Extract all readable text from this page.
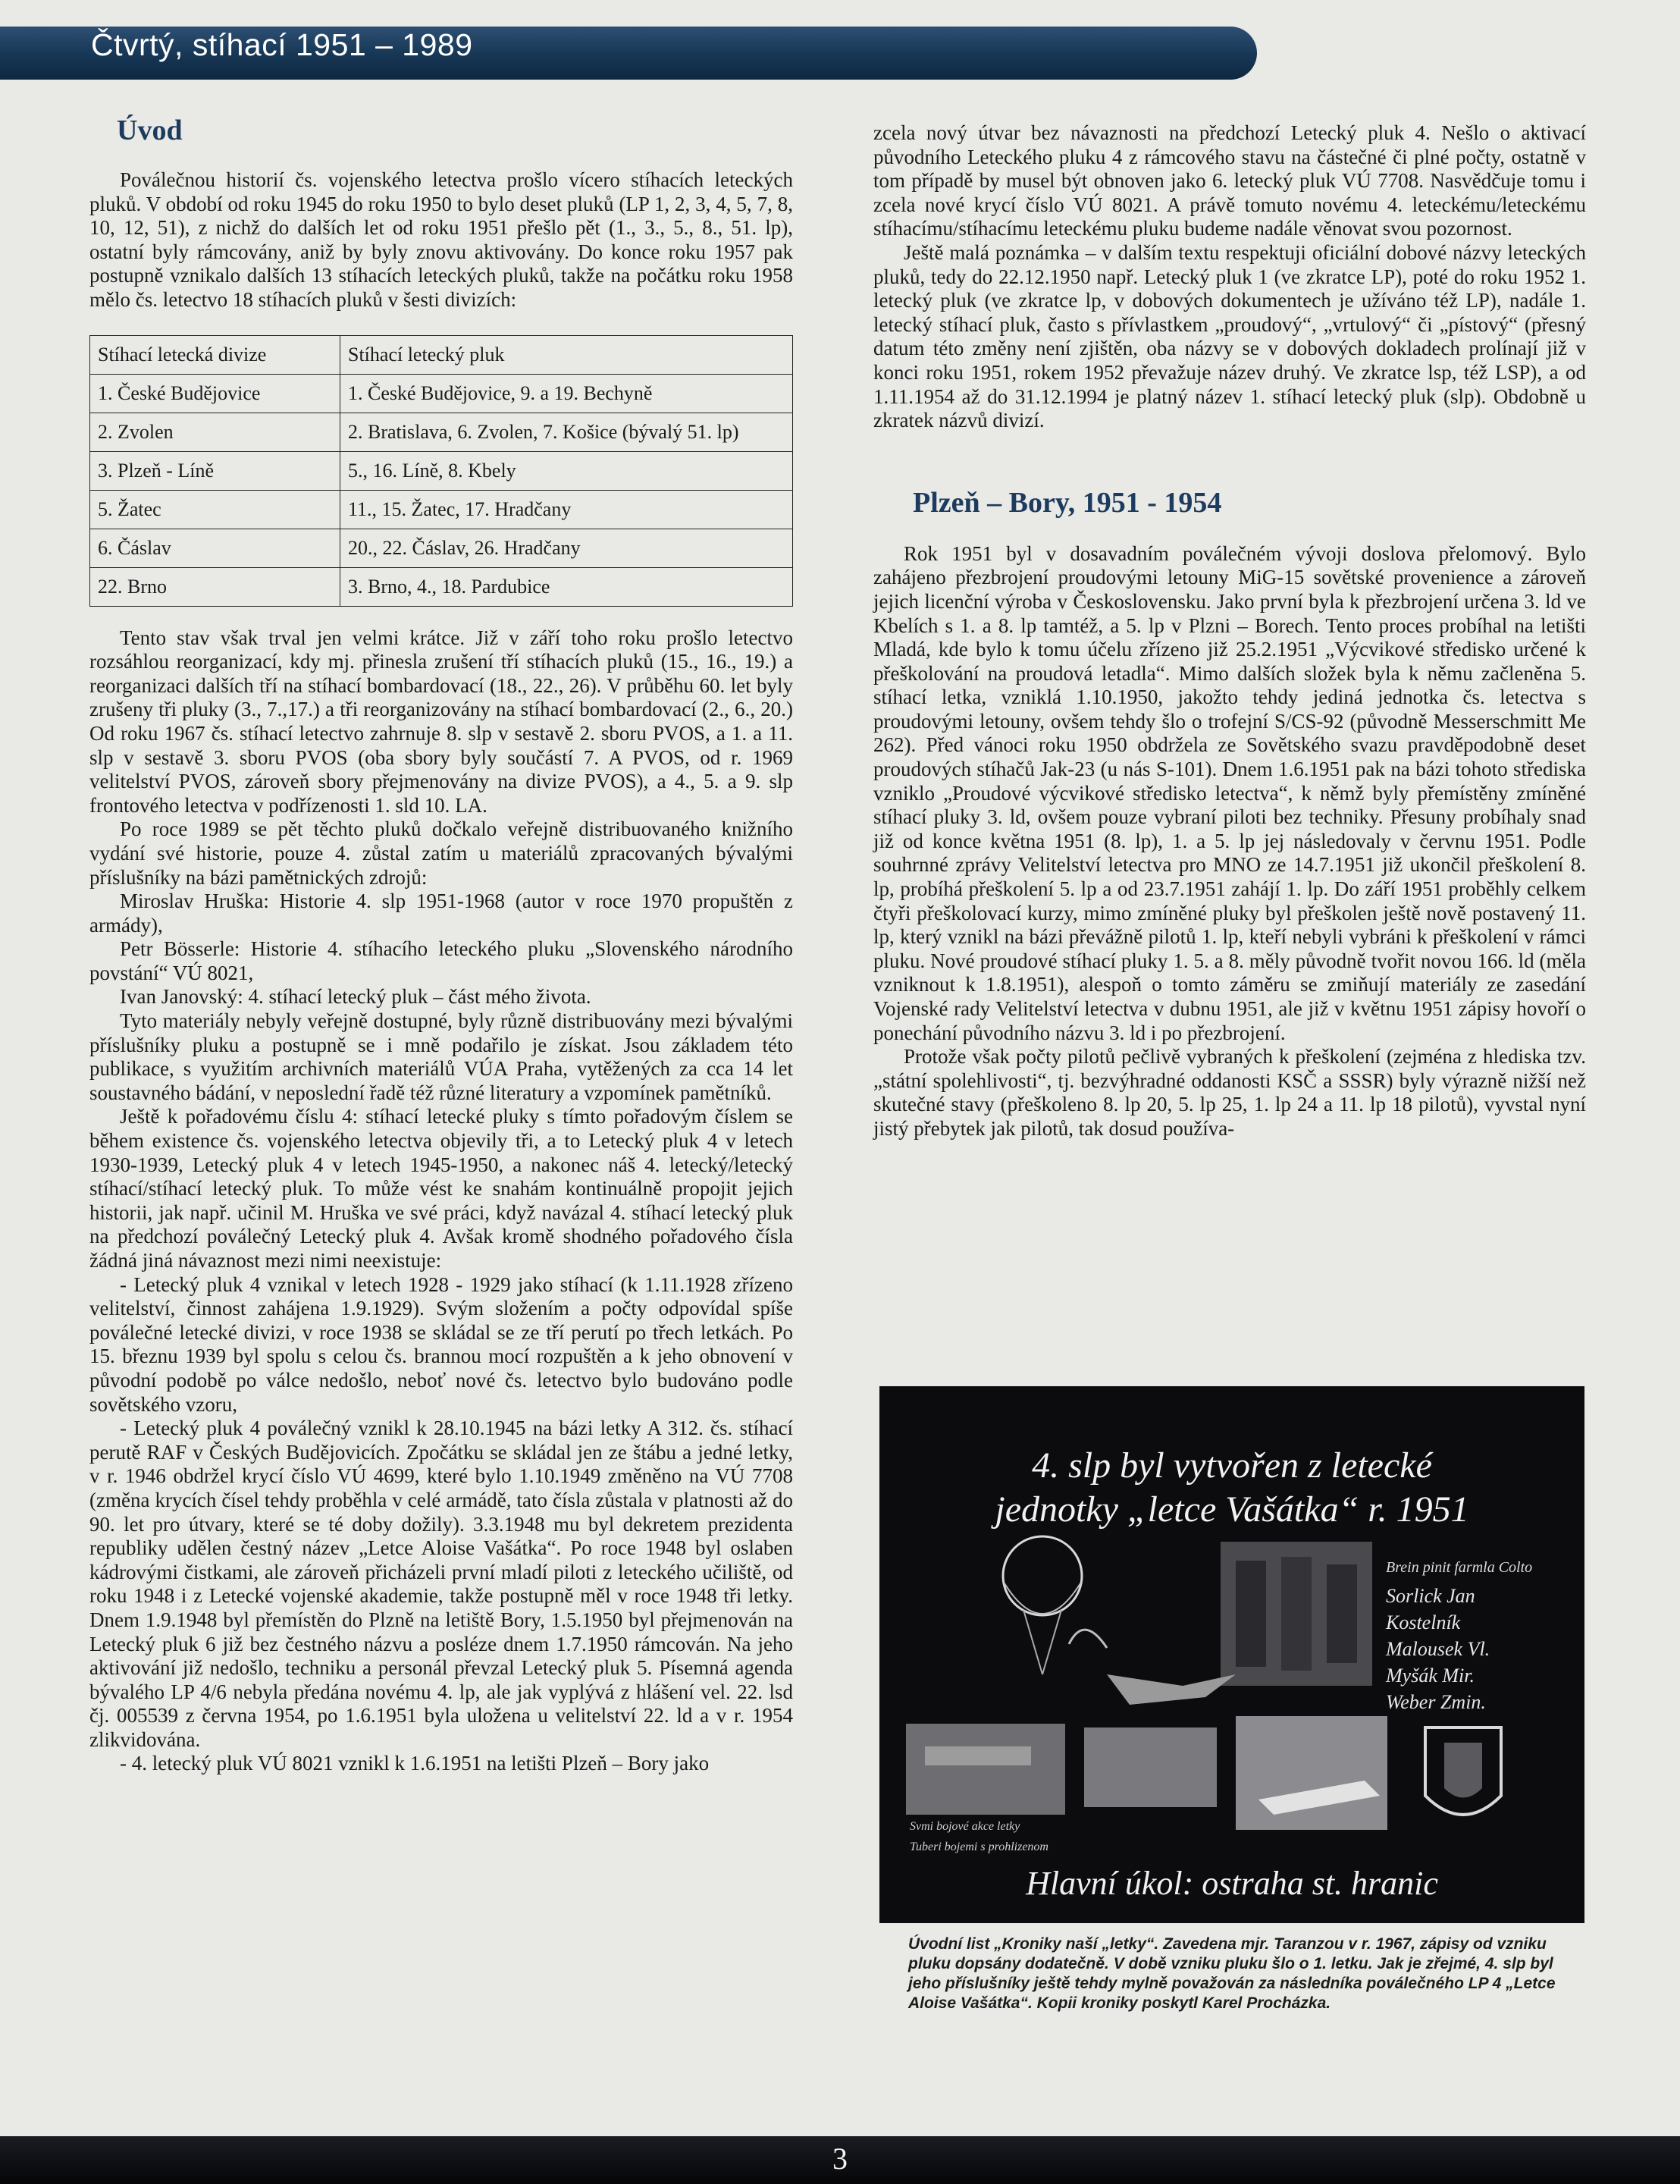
Čtvrtý, stíhací 1951 – 1989
Úvod

Poválečnou historií čs. vojenského letectva prošlo vícero stíhacích leteckých pluků. V období od roku 1945 do roku 1950 to bylo deset pluků (LP 1, 2, 3, 4, 5, 7, 8, 10, 12, 51), z nichž do dalších let od roku 1951 přešlo pět (1., 3., 5., 8., 51. lp), ostatní byly rámcovány, aniž by byly znovu aktivovány. Do konce roku 1957 pak postupně vznikalo dalších 13 stíhacích leteckých pluků, takže na počátku roku 1958 mělo čs. letectvo 18 stíhacích pluků v šesti divizích:

Stíhací letecká divize	Stíhací letecký pluk
1. České Budějovice	1. České Budějovice, 9. a 19. Bechyně
2. Zvolen	2. Bratislava, 6. Zvolen, 7. Košice (bývalý 51. lp)
3. Plzeň - Líně	5., 16. Líně, 8. Kbely
5. Žatec	11., 15. Žatec, 17. Hradčany
6. Čáslav	20., 22. Čáslav, 26. Hradčany
22. Brno	3. Brno, 4., 18. Pardubice

Tento stav však trval jen velmi krátce. Již v září toho roku prošlo letectvo rozsáhlou reorganizací, kdy mj. přinesla zrušení tří stíhacích pluků (15., 16., 19.) a reorganizaci dalších tří na stíhací bombardovací (18., 22., 26). V průběhu 60. let byly zrušeny tři pluky (3., 7.,17.) a tři reorganizovány na stíhací bombardovací (2., 6., 20.) Od roku 1967 čs. stíhací letectvo zahrnuje 8. slp v sestavě 2. sboru PVOS, a 1. a 11. slp v sestavě 3. sboru PVOS (oba sbory byly součástí 7. A PVOS, od r. 1969 velitelství PVOS, zároveň sbory přejmenovány na divize PVOS), a 4., 5. a 9. slp frontového letectva v podřízenosti 1. sld 10. LA.

Po roce 1989 se pět těchto pluků dočkalo veřejně distribuovaného knižního vydání své historie, pouze 4. zůstal zatím u materiálů zpracovaných bývalými příslušníky na bázi pamětnických zdrojů:

Miroslav Hruška: Historie 4. slp 1951-1968 (autor v roce 1970 propuštěn z armády),

Petr Bösserle: Historie 4. stíhacího leteckého pluku „Slovenského národního povstání“ VÚ 8021,

Ivan Janovský: 4. stíhací letecký pluk – část mého života.

Tyto materiály nebyly veřejně dostupné, byly různě distribuovány mezi bývalými příslušníky pluku a postupně se i mně podařilo je získat. Jsou základem této publikace, s využitím archivních materiálů VÚA Praha, vytěžených za cca 14 let soustavného bádání, v neposlední řadě též různé literatury a vzpomínek pamětníků.

Ještě k pořadovému číslu 4: stíhací letecké pluky s tímto pořadovým číslem se během existence čs. vojenského letectva objevily tři, a to Letecký pluk 4 v letech 1930-1939, Letecký pluk 4 v letech 1945-1950, a nakonec náš 4. letecký/letecký stíhací/stíhací letecký pluk. To může vést ke snahám kontinuálně propojit jejich historii, jak např. učinil M. Hruška ve své práci, když navázal 4. stíhací letecký pluk na předchozí poválečný Letecký pluk 4. Avšak kromě shodného pořadového čísla žádná jiná návaznost mezi nimi neexistuje:

- Letecký pluk 4 vznikal v letech 1928 - 1929 jako stíhací (k 1.11.1928 zřízeno velitelství, činnost zahájena 1.9.1929). Svým složením a počty odpovídal spíše poválečné letecké divizi, v roce 1938 se skládal se ze tří perutí po třech letkách. Po 15. březnu 1939 byl spolu s celou čs. brannou mocí rozpuštěn a k jeho obnovení v původní podobě po válce nedošlo, neboť nové čs. letectvo bylo budováno podle sovětského vzoru,

- Letecký pluk 4 poválečný vznikl k 28.10.1945 na bázi letky A 312. čs. stíhací perutě RAF v Českých Budějovicích. Zpočátku se skládal jen ze štábu a jedné letky, v r. 1946 obdržel krycí číslo VÚ 4699, které bylo 1.10.1949 změněno na VÚ 7708 (změna krycích čísel tehdy proběhla v celé armádě, tato čísla zůstala v platnosti až do 90. let pro útvary, které se té doby dožily). 3.3.1948 mu byl dekretem prezidenta republiky udělen čestný název „Letce Aloise Vašátka“. Po roce 1948 byl oslaben kádrovými čistkami, ale zároveň přicházeli první mladí piloti z leteckého učiliště, od roku 1948 i z Letecké vojenské akademie, takže postupně měl v roce 1948 tři letky. Dnem 1.9.1948 byl přemístěn do Plzně na letiště Bory, 1.5.1950 byl přejmenován na Letecký pluk 6 již bez čestného názvu a posléze dnem 1.7.1950 rámcován. Na jeho aktivování již nedošlo, techniku a personál převzal Letecký pluk 5. Písemná agenda bývalého LP 4/6 nebyla předána novému 4. lp, ale jak vyplývá z hlášení vel. 22. lsd čj. 005539 z června 1954, po 1.6.1951 byla uložena u velitelství 22. ld a v r. 1954 zlikvidována.

- 4. letecký pluk VÚ 8021 vznikl k 1.6.1951 na letišti Plzeň – Bory jako

zcela nový útvar bez návaznosti na předchozí Letecký pluk 4. Nešlo o aktivací původního Leteckého pluku 4 z rámcového stavu na částečné či plné počty, ostatně v tom případě by musel být obnoven jako 6. letecký pluk VÚ 7708. Nasvědčuje tomu i zcela nové krycí číslo VÚ 8021. A právě tomuto novému 4. leteckému/leteckému stíhacímu/stíhacímu leteckému pluku budeme nadále věnovat svou pozornost.

Ještě malá poznámka – v dalším textu respektuji oficiální dobové názvy leteckých pluků, tedy do 22.12.1950 např. Letecký pluk 1 (ve zkratce LP), poté do roku 1952 1. letecký pluk (ve zkratce lp, v dobových dokumentech je užíváno též LP), nadále 1. letecký stíhací pluk, často s přívlastkem „proudový“, „vrtulový“ či „pístový“ (přesný datum této změny není zjištěn, oba názvy se v dobových dokladech prolínají již v konci roku 1951, rokem 1952 převažuje název druhý. Ve zkratce lsp, též LSP), a od 1.11.1954 až do 31.12.1994 je platný název 1. stíhací letecký pluk (slp). Obdobně u zkratek názvů divizí.

Plzeň – Bory, 1951 - 1954

Rok 1951 byl v dosavadním poválečném vývoji doslova přelomový. Bylo zahájeno přezbrojení proudovými letouny MiG-15 sovětské provenience a zároveň jejich licenční výroba v Československu. Jako první byla k přezbrojení určena 3. ld ve Kbelích s 1. a 8. lp tamtéž, a 5. lp v Plzni – Borech. Tento proces probíhal na letišti Mladá, kde bylo k tomu účelu zřízeno již 25.2.1951 „Výcvikové středisko určené k přeškolování na proudová letadla“. Mimo dalších složek byla k němu začleněna 5. stíhací letka, vzniklá 1.10.1950, jakožto tehdy jediná jednotka čs. letectva s proudovými letouny, ovšem tehdy šlo o trofejní S/CS-92 (původně Messerschmitt Me 262). Před vánoci roku 1950 obdržela ze Sovětského svazu pravděpodobně deset proudových stíhačů Jak-23 (u nás S-101). Dnem 1.6.1951 pak na bázi tohoto střediska vzniklo „Proudové výcvikové středisko letectva“, k němž byly přemístěny zmíněné stíhací pluky 3. ld, ovšem pouze vybraní piloti bez techniky. Přesuny probíhaly snad již od konce května 1951 (8. lp), 1. a 5. lp jej následovaly v červnu 1951. Podle souhrnné zprávy Velitelství letectva pro MNO ze 14.7.1951 již ukončil přeškolení 8. lp, probíhá přeškolení 5. lp a od 23.7.1951 zahájí 1. lp. Do září 1951 proběhly celkem čtyři přeškolovací kurzy, mimo zmíněné pluky byl přeškolen ještě nově postavený 11. lp, který vznikl na bázi převážně pilotů 1. lp, kteří nebyli vybráni k přeškolení v rámci pluku. Nové proudové stíhací pluky 1. 5. a 8. měly původně tvořit novou 166. ld (měla vzniknout k 1.8.1951), alespoň o tomto záměru se zmiňují materiály ze zasedání Vojenské rady Velitelství letectva v dubnu 1951, ale již v květnu 1951 zápisy hovoří o ponechání původního názvu 3. ld i po přezbrojení.

Protože však počty pilotů pečlivě vybraných k přeškolení (zejména z hlediska tzv. „státní spolehlivosti“, tj. bezvýhradné oddanosti KSČ a SSSR) byly výrazně nižší než skutečné stavy (přeškoleno 8. lp 20, 5. lp 25, 1. lp 24 a 11. lp 18 pilotů), vyvstal nyní jistý přebytek jak pilotů, tak dosud používa-

4. slp byl vytvořen z letecké
jednotky „letce Vašátka“ r. 1951
Brein pinit farmla Colto
Sorlick Jan
Kostelník
Malousek Vl.
Myšák Mir.
Weber Zmin.
Svmi bojové akce letky
Tuberi bojemi s prohlizenom
Hlavní úkol: ostraha st. hranic
Úvodní list „Kroniky naší „letky“. Zavedena mjr. Taranzou v r. 1967, zápisy od vzniku pluku dopsány dodatečně. V době vzniku pluku šlo o 1. letku. Jak je zřejmé, 4. slp byl jeho příslušníky ještě tehdy mylně považován za následníka poválečného LP 4 „Letce Aloise Vašátka“. Kopii kroniky poskytl Karel Procházka.
3
